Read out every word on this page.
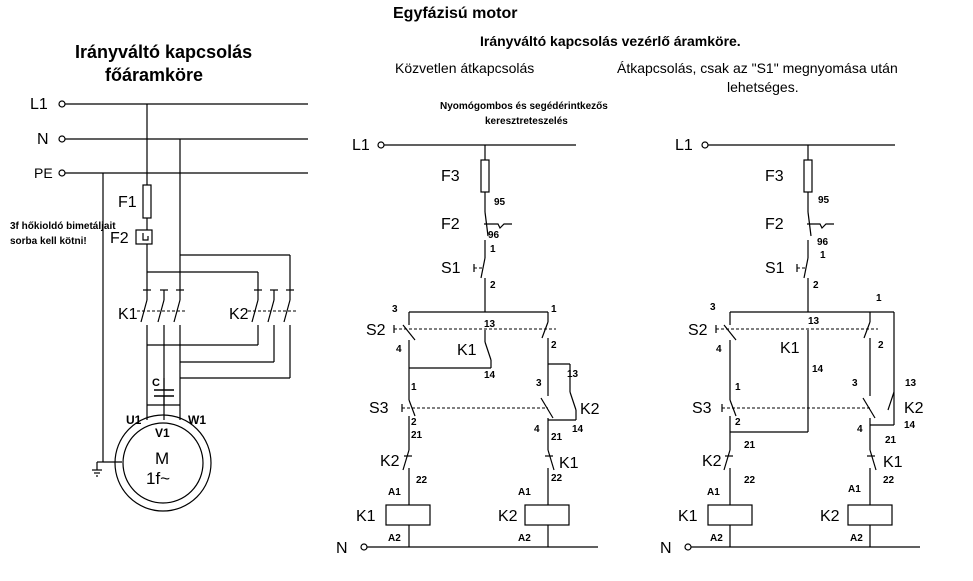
Egyfázisú motor
Irányváltó kapcsolás vezérlő áramköre.
Közvetlen átkapcsolás	Átkapcsolás, csak az "S1" megnyomása után
lehetséges.
Nyomógombos és segédérintkezős
keresztreteszelés
Irányváltó kapcsolás
főáramköre
L1
N
PE
F1
F2
3f hőkioldó bimetáljait
sorba kell kötni!
K1	K2
C
U1	W1
V1
M
1f~
L1
F3
95
F2
96
1
S1
2
3	1
S2
4	2
13
K1
14
3
13
K2
14
S3
1
2
4
21	21
K2
22
K1
22
A1
K1
A2
A1
K2
A2
N
L1
F3
95
F2
96
1
S1
2
3
1
S2
4	2
13
K1
14
3	13
K2
14
S3
1
2
4
21	21
K2
22
K1
22
A1
K1
A2
A1
K2
A2
N
